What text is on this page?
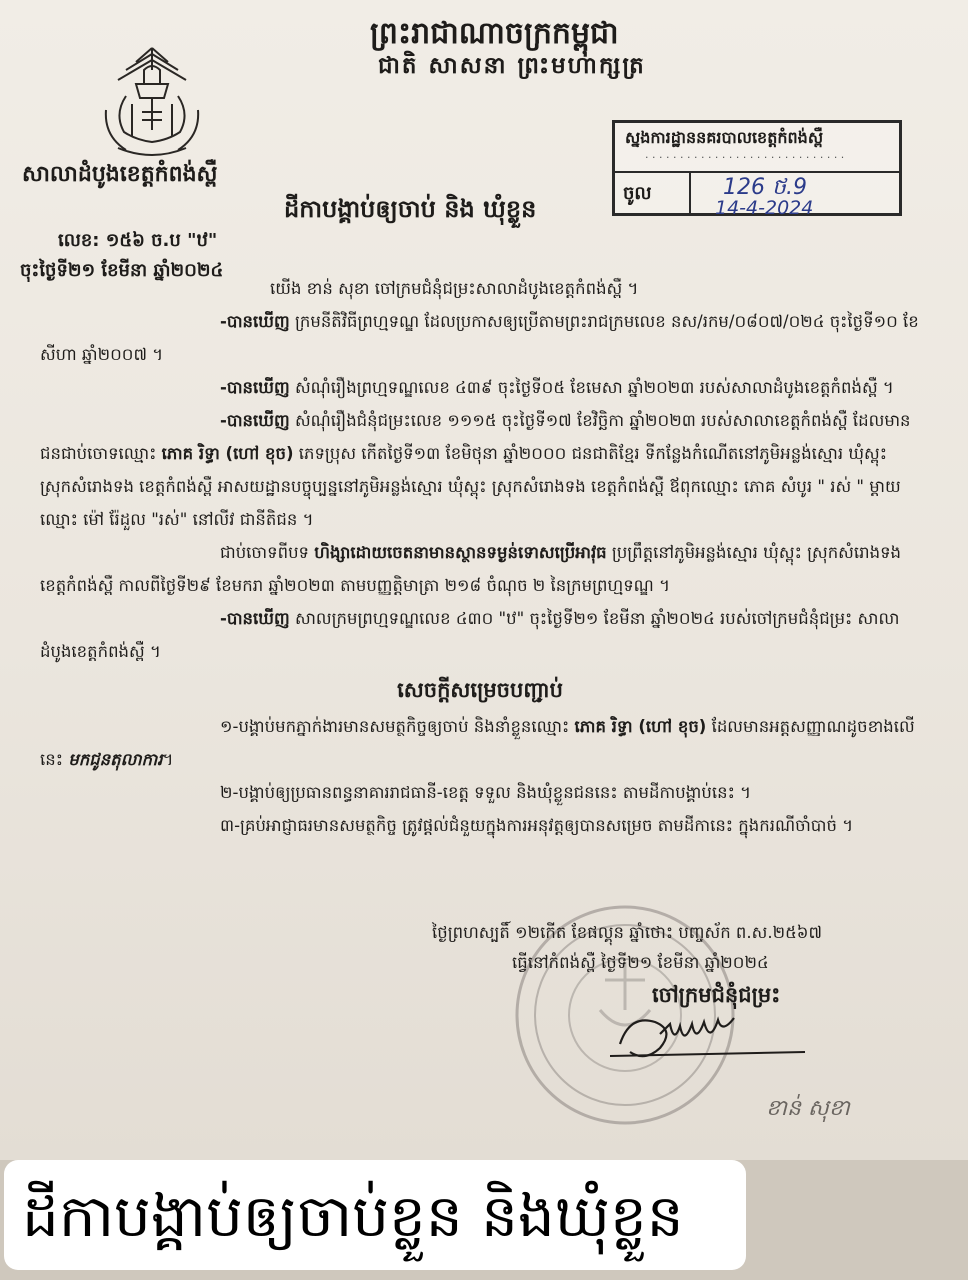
ព្រះរាជាណាចក្រកម្ពុជា
ជាតិ សាសនា ព្រះមហាក្សត្រ
សាលាដំបូងខេត្តកំពង់ស្ពឺ
ដីកាបង្គាប់ឲ្យចាប់ និង ឃុំខ្លួន
លេខ: ១៥៦ ច.ប "ឋ"
ចុះថ្ងៃទី២១ ខែមីនា ឆ្នាំ២០២៤
ស្នងការដ្ឋាននគរបាលខេត្តកំពង់ស្ពឺ
· · · · · · · · · · · · · · · · · · · · · · · · · · · · ·
ចូល	126 ថ.9
14-4-2024

យើង ខាន់ សុខា ចៅក្រមជំនុំជម្រះសាលាដំបូងខេត្តកំពង់ស្ពឺ ។

-បានឃើញ ក្រមនីតិវិធីព្រហ្មទណ្ឌ ដែលប្រកាសឲ្យប្រើតាមព្រះរាជក្រមលេខ នស/រកម/០៨០៧/០២៤ ចុះថ្ងៃទី១០ ខែសីហា ឆ្នាំ២០០៧ ។

-បានឃើញ សំណុំរឿងព្រហ្មទណ្ឌលេខ ៤៣៩ ចុះថ្ងៃទី០៥ ខែមេសា ឆ្នាំ២០២៣ របស់សាលាដំបូងខេត្តកំពង់ស្ពឺ ។

-បានឃើញ សំណុំរឿងជំនុំជម្រះលេខ ១១១៥ ចុះថ្ងៃទី១៧ ខែវិច្ឆិកា ឆ្នាំ២០២៣ របស់សាលាខេត្តកំពង់ស្ពឺ ដែលមានជនជាប់ចោទឈ្មោះ ភោគ រិទ្ធា (ហៅ ខុច) ភេទប្រុស កើតថ្ងៃទី១៣ ខែមិថុនា ឆ្នាំ២០០០ ជនជាតិខ្មែរ ទីកន្លែងកំណើតនៅភូមិអន្លង់ស្មោរ ឃុំស្ពុះ ស្រុកសំរោងទង ខេត្តកំពង់ស្ពឺ អាសយដ្ឋានបច្ចុប្បន្ននៅភូមិអន្លង់ស្មោរ ឃុំស្ពុះ ស្រុកសំរោងទង ខេត្តកំពង់ស្ពឺ ឪពុកឈ្មោះ ភោគ សំបូរ " រស់ " ម្ដាយឈ្មោះ ម៉ៅ រ៉ែដួល "រស់" នៅលីវ ជានីតិជន ។

ជាប់ចោទពីបទ ហិង្សាដោយចេតនាមានស្ថានទម្ងន់ទោសប្រើអាវុធ ប្រព្រឹត្តនៅភូមិអន្លង់ស្មោរ ឃុំស្ពុះ ស្រុកសំរោងទង ខេត្តកំពង់ស្ពឺ កាលពីថ្ងៃទី២៩ ខែមករា ឆ្នាំ២០២៣ តាមបញ្ញត្តិមាត្រា ២១៨ ចំណុច ២ នៃក្រមព្រហ្មទណ្ឌ ។

-បានឃើញ សាលក្រមព្រហ្មទណ្ឌលេខ ៤៣០ "ឋ" ចុះថ្ងៃទី២១ ខែមីនា ឆ្នាំ២០២៤ របស់ចៅក្រមជំនុំជម្រះ សាលាដំបូងខេត្តកំពង់ស្ពឺ ។

សេចក្ដីសម្រេចបញ្ជាប់

១-បង្គាប់មកភ្នាក់ងារមានសមត្ថកិច្ចឲ្យចាប់ និងនាំខ្លួនឈ្មោះ ភោគ រិទ្ធា (ហៅ ខុច) ដែលមានអត្តសញ្ញាណដូចខាងលើនេះ មកជូនតុលាការ។

២-បង្គាប់ឲ្យប្រធានពន្ធនាគាររាជធានី-ខេត្ត ទទួល និងឃុំខ្លួនជននេះ តាមដីកាបង្គាប់នេះ ។

៣-គ្រប់អាជ្ញាធរមានសមត្ថកិច្ច ត្រូវផ្ដល់ជំនួយក្នុងការអនុវត្តឲ្យបានសម្រេច តាមដីកានេះ ក្នុងករណីចាំបាច់ ។

ថ្ងៃព្រហស្បតិ៍ ១២កើត ខែផល្គុន ឆ្នាំថោះ បញ្ចស័ក ព.ស.២៥៦៧
ធ្វើនៅកំពង់ស្ពឺ ថ្ងៃទី២១ ខែមីនា ឆ្នាំ២០២៤
ចៅក្រមជំនុំជម្រះ
ខាន់ សុខា
ដីកាបង្គាប់ឲ្យចាប់ខ្លួន និងឃុំខ្លួន
